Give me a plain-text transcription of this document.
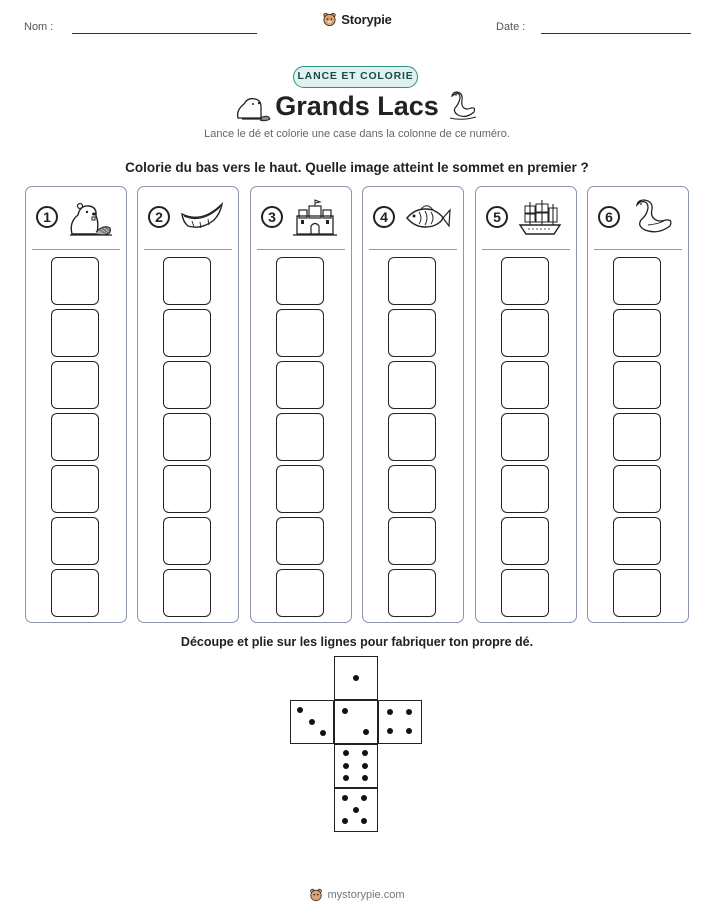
Nom :	Storypie	Date :
LANCE ET COLORIE
Grands Lacs
Lance le dé et colorie une case dans la colonne de ce numéro.
Colorie du bas vers le haut. Quelle image atteint le sommet en premier ?
1	2	3	4	5	6
Découpe et plie sur les lignes pour fabriquer ton propre dé.
mystorypie.com
